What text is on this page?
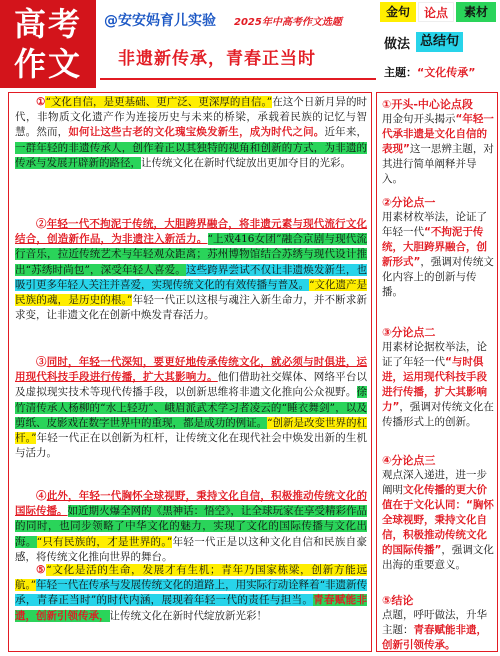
高考
作文
@安安妈育儿实验 2025年中高考作文选题
非遗新传承，青春正当时
金句	论点	素材
做法 总结句
主题：“文化传承”
①“文化自信，是更基础、更广泛、更深厚的自信。”在这个日新月异的时代，非物质文化遗产作为连接历史与未来的桥梁，承载着民族的记忆与智慧。然而，如何让这些古老的文化瑰宝焕发新生，成为时代之问。近年来，一群年轻的非遗传承人，创作着正以其独特的视角和创新的方式，为非遗的传承与发展开辟新的路径，让传统文化在新时代绽放出更加夺目的光彩。
②年轻一代不拘泥于传统，大胆跨界融合，将非遗元素与现代流行文化结合，创造新作品，为非遗注入新活力。“上戏416女团”融合京剧与现代流行音乐，拉近传统艺术与年轻观众距离；苏州博物馆结合苏绣与现代设计推出“苏绣时尚包”，深受年轻人喜爱。这些跨界尝试不仅让非遗焕发新生，也吸引更多年轻人关注并喜爱，实现传统文化的有效传播与普及。“文化遗产是民族的魂，是历史的根。”年轻一代正以这根与魂注入新生命力，并不断求新求变，让非遗文化在创新中焕发青春活力。
③同时，年轻一代深知，要更好地传承传统文化，就必须与时俱进，运用现代科技手段进行传播，扩大其影响力。他们借助社交媒体、网络平台以及虚拟现实技术等现代传播手段，以创新思维将非遗文化推向公众视野。徐竹清传承人杨柳的“水上轻功”、峨眉派武术学习者凌云的“睡衣舞剑”，以及剪纸、皮影戏在数字世界中的重现，都是成功的例证。“创新是改变世界的杠杆。”年轻一代正在以创新为杠杆，让传统文化在现代社会中焕发出新的生机与活力。
④此外，年轻一代胸怀全球视野，秉持文化自信，积极推动传统文化的国际传播。如近期火爆全网的《黑神话：悟空》，让全球玩家在享受精彩作品的同时，也同步领略了中华文化的魅力，实现了文化的国际传播与文化出海。“只有民族的，才是世界的。”年轻一代正是以这种文化自信和民族自豪感，将传统文化推向世界的舞台。
⑤“文化是活的生命，发展才有生机；青年乃国家栋梁，创新方能远航。”年轻一代在传承与发展传统文化的道路上，用实际行动诠释着“非遗新传承，青春正当时”的时代内涵，展现着年轻一代的责任与担当。青春赋能非遗，创新引领传承，让传统文化在新时代绽放新光彩！
①开头-中心论点段
用金句开头揭示“年轻一代承非遗是文化自信的表现”这一思辨主题，对其进行简单阐释并导入。
②分论点一
用素材枚举法，论证了年轻一代“不拘泥于传统，大胆跨界融合，创新形式”，强调对传统文化内容上的创新与传播。
③分论点二
用素材论据枚举法，论证了年轻一代“与时俱进，运用现代科技手段进行传播，扩大其影响力”，强调对传统文化在传播形式上的创新。
④分论点三
观点深入递进，进一步阐明文化传播的更大价值在于文化认同：“胸怀全球视野，秉持文化自信，积极推动传统文化的国际传播”，强调文化出海的重要意义。
⑤结论
点题，呼吁做法，升华主题：青春赋能非遗，创新引领传承。
